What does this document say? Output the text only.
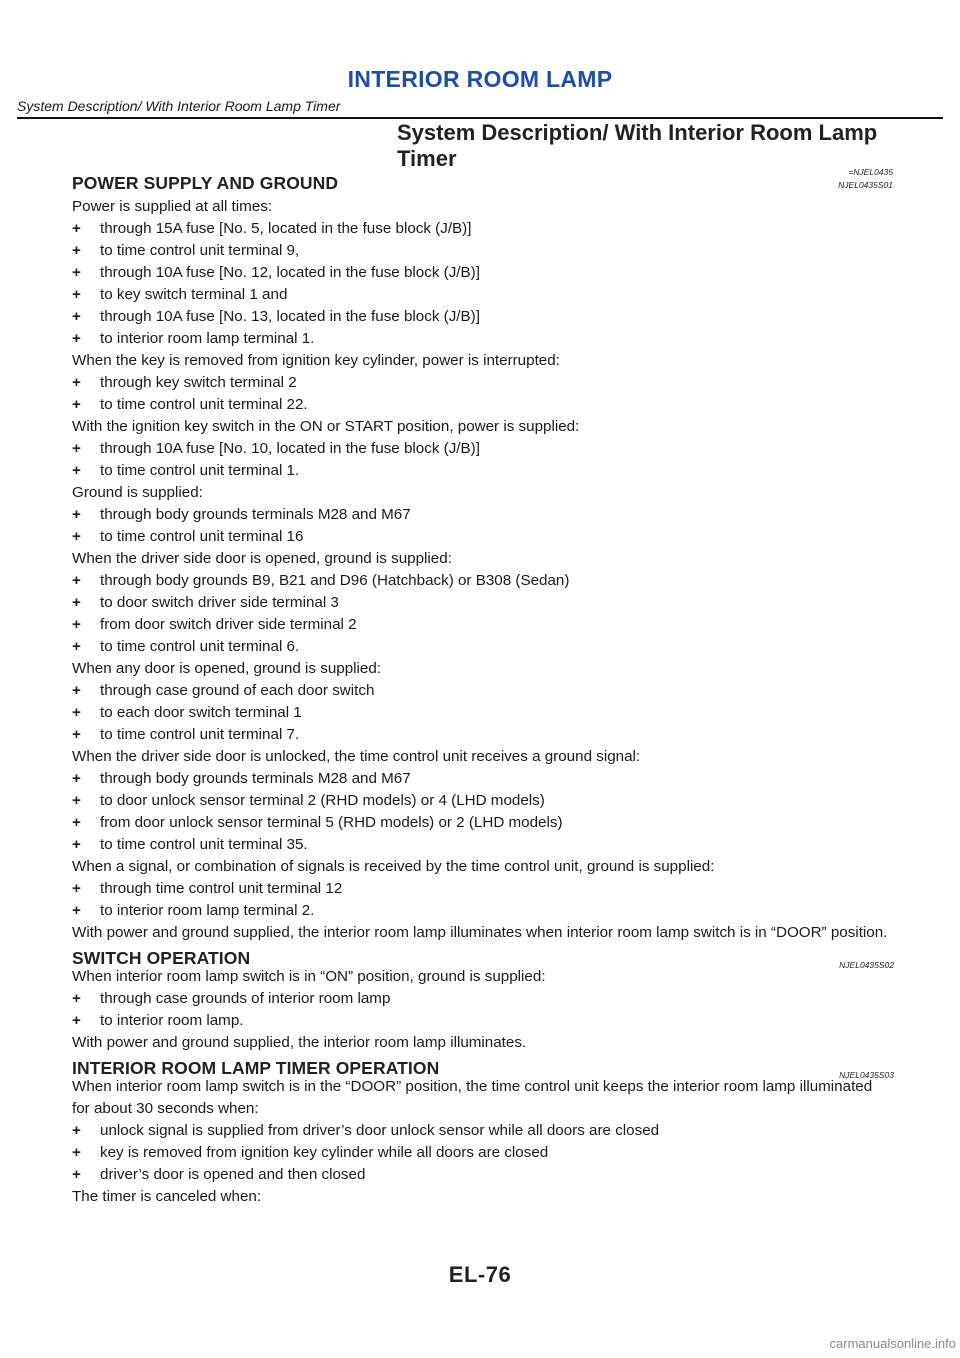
INTERIOR ROOM LAMP
System Description/ With Interior Room Lamp Timer
System Description/ With Interior Room Lamp
Timer
=NJEL0435
POWER SUPPLY AND GROUND	NJEL0435S01

Power is supplied at all times:

+ through 15A fuse [No. 5, located in the fuse block (J/B)]
+ to time control unit terminal 9,
+ through 10A fuse [No. 12, located in the fuse block (J/B)]
+ to key switch terminal 1 and
+ through 10A fuse [No. 13, located in the fuse block (J/B)]
+ to interior room lamp terminal 1.

When the key is removed from ignition key cylinder, power is interrupted:

+ through key switch terminal 2
+ to time control unit terminal 22.

With the ignition key switch in the ON or START position, power is supplied:

+ through 10A fuse [No. 10, located in the fuse block (J/B)]
+ to time control unit terminal 1.

Ground is supplied:

+ through body grounds terminals M28 and M67
+ to time control unit terminal 16

When the driver side door is opened, ground is supplied:

+ through body grounds B9, B21 and D96 (Hatchback) or B308 (Sedan)
+ to door switch driver side terminal 3
+ from door switch driver side terminal 2
+ to time control unit terminal 6.

When any door is opened, ground is supplied:

+ through case ground of each door switch
+ to each door switch terminal 1
+ to time control unit terminal 7.

When the driver side door is unlocked, the time control unit receives a ground signal:

+ through body grounds terminals M28 and M67
+ to door unlock sensor terminal 2 (RHD models) or 4 (LHD models)
+ from door unlock sensor terminal 5 (RHD models) or 2 (LHD models)
+ to time control unit terminal 35.

When a signal, or combination of signals is received by the time control unit, ground is supplied:

+ through time control unit terminal 12
+ to interior room lamp terminal 2.

With power and ground supplied, the interior room lamp illuminates when interior room lamp switch is in “DOOR” position.

SWITCH OPERATION	NJEL0435S02

When interior room lamp switch is in “ON” position, ground is supplied:

+ through case grounds of interior room lamp
+ to interior room lamp.

With power and ground supplied, the interior room lamp illuminates.

INTERIOR ROOM LAMP TIMER OPERATION	NJEL0435S03

When interior room lamp switch is in the “DOOR” position, the time control unit keeps the interior room lamp illuminated for about 30 seconds when:

+ unlock signal is supplied from driver’s door unlock sensor while all doors are closed
+ key is removed from ignition key cylinder while all doors are closed
+ driver’s door is opened and then closed

The timer is canceled when:

EL-76
carmanualsonline.info
